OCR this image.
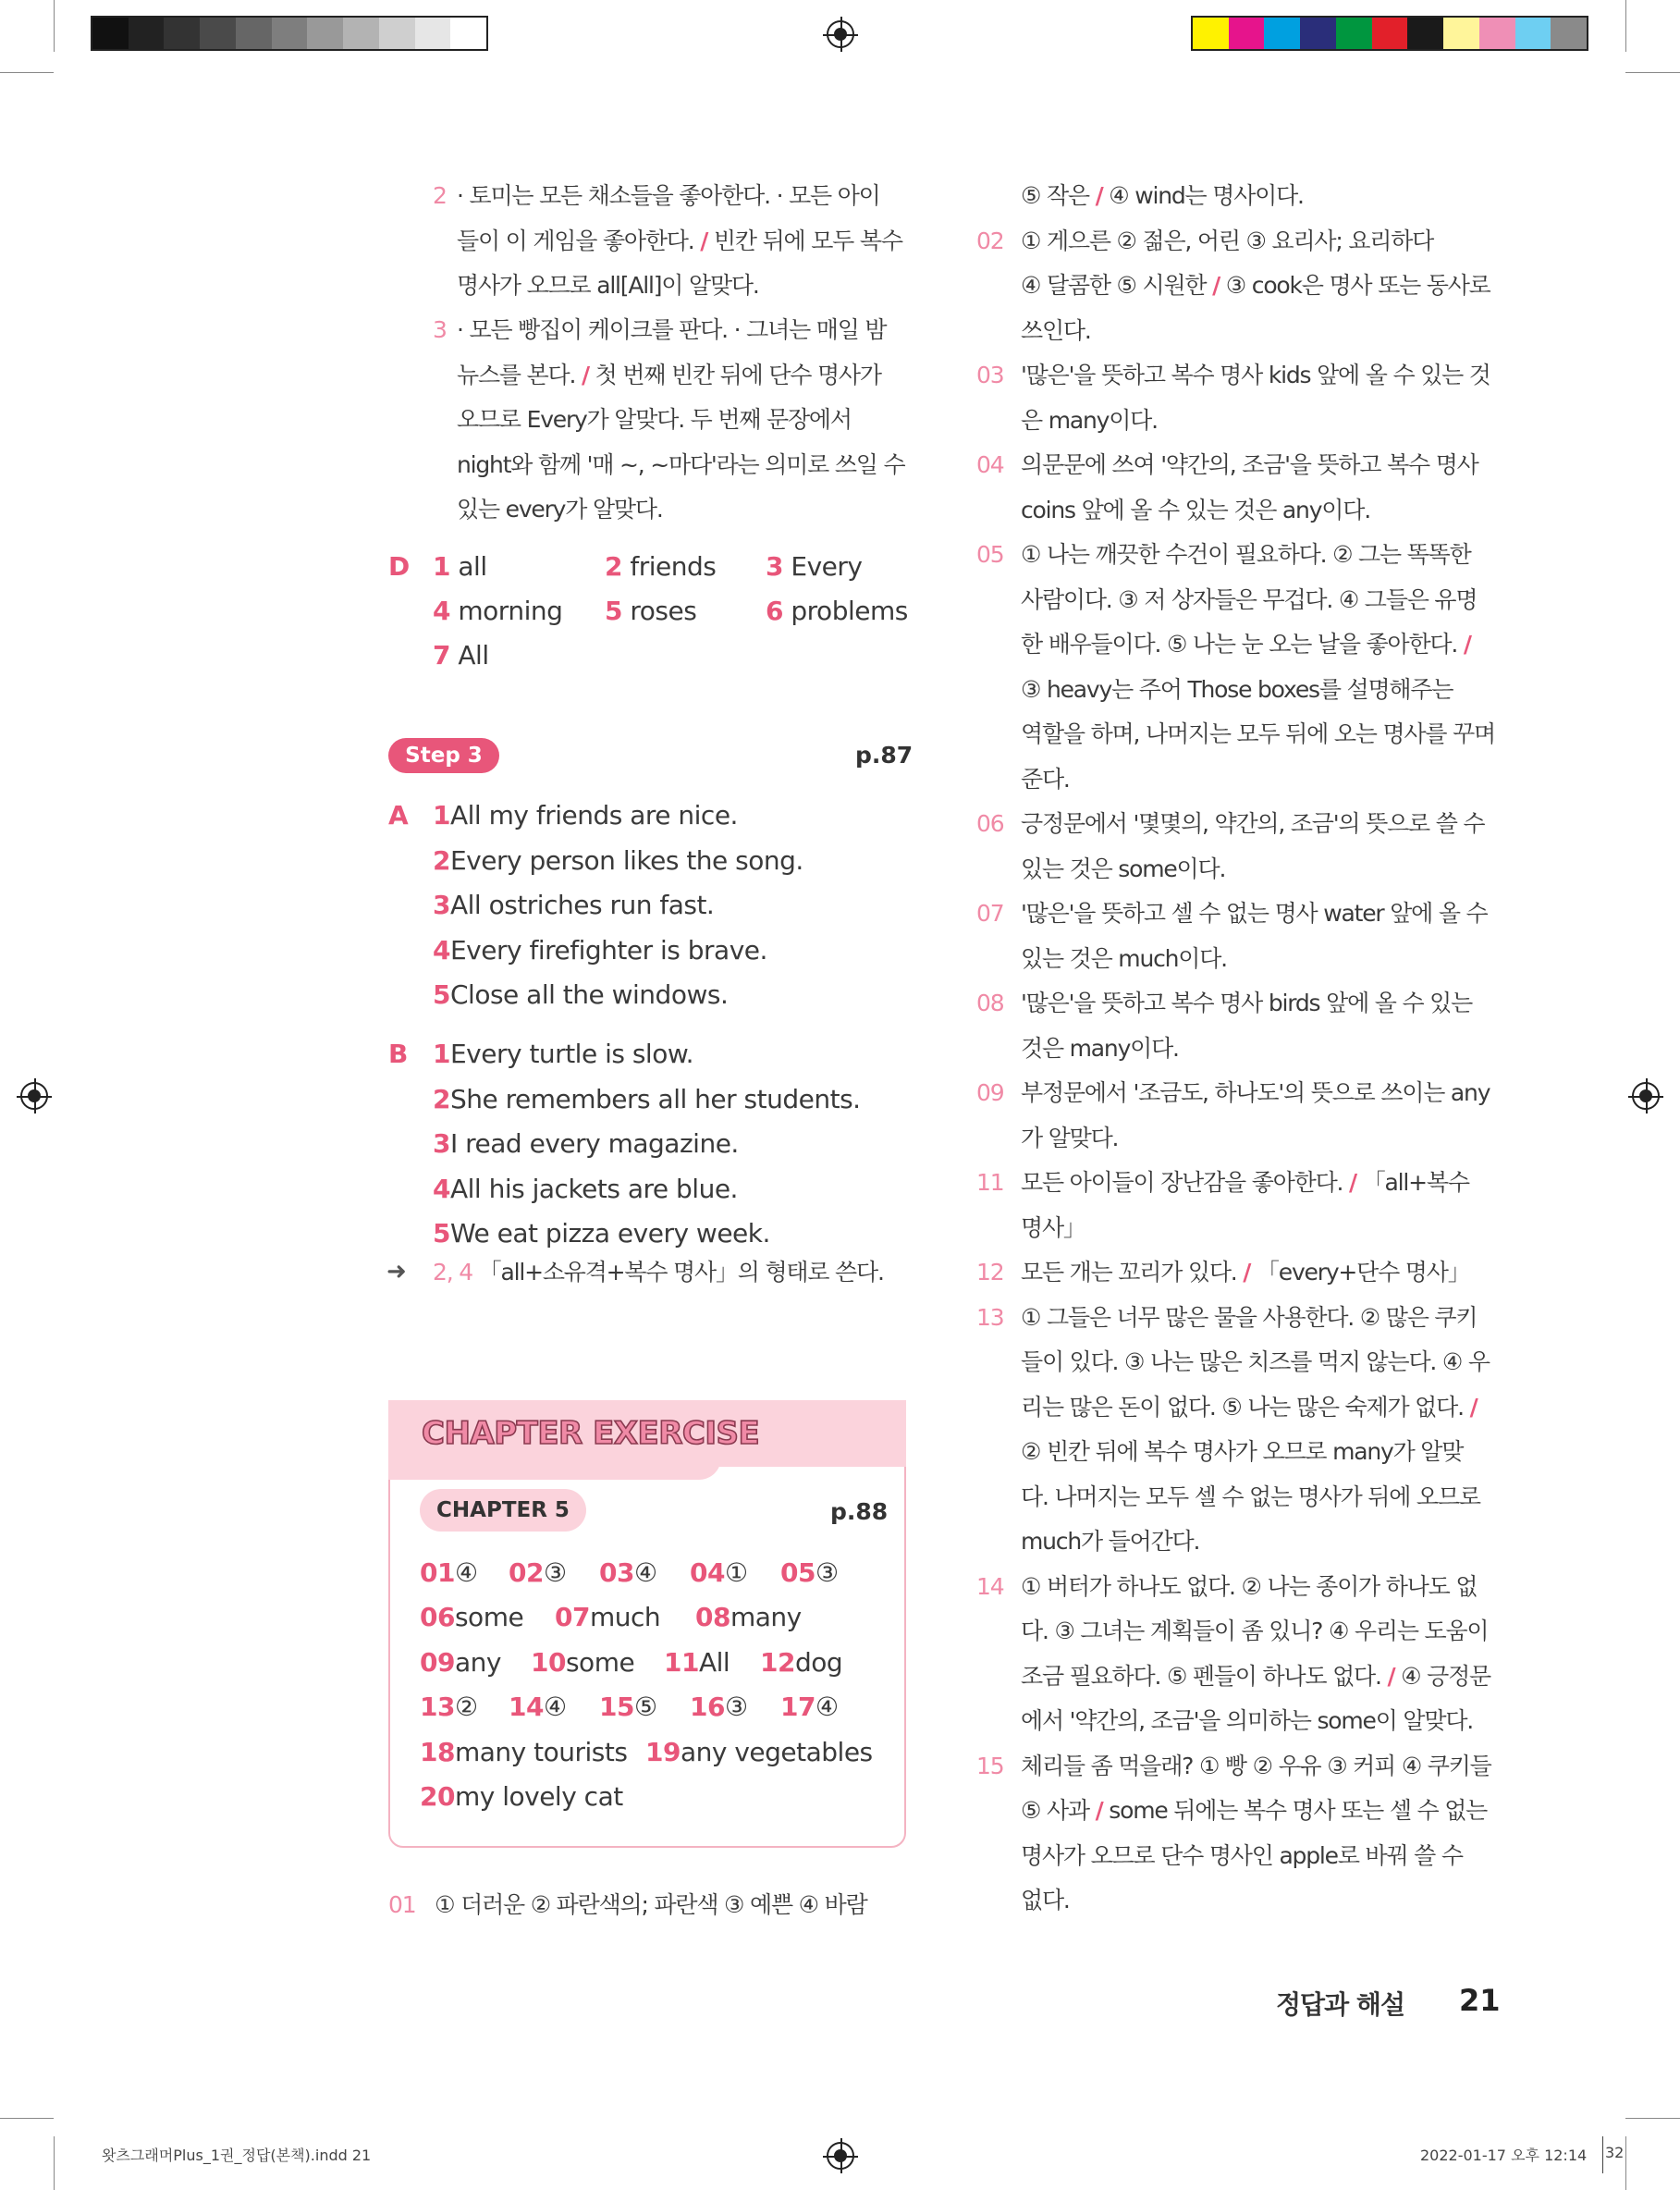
2 · 토미는 모든 채소들을 좋아한다. · 모든 아이
들이 이 게임을 좋아한다. / 빈칸 뒤에 모두 복수
명사가 오므로 all[All]이 알맞다.
3 · 모든 빵집이 케이크를 판다. · 그녀는 매일 밤
뉴스를 본다. / 첫 번째 빈칸 뒤에 단수 명사가
오므로 Every가 알맞다. 두 번째 문장에서
night와 함께 '매 ~, ~마다'라는 의미로 쓰일 수
있는 every가 알맞다.
D 1 all	2 friends 3 Every
4 morning 5 roses	6 problems
7 All
Step 3	p.87
A 1All my friends are nice.
2Every person likes the song.
3All ostriches run fast.
4Every firefighter is brave.
5Close all the windows.
B 1Every turtle is slow.
2She remembers all her students.
3I read every magazine.
4All his jackets are blue.
5We eat pizza every week.
➜ 2, 4 「all+소유격+복수 명사」의 형태로 쓴다.
CHAPTER EXERCISE
CHAPTER 5	p.88
01 ④ 02 ③ 03 ④ 04 ① 05 ③
06 some 07 much 08 many
09 any 10 some 11 All 12 dog
13 ② 14 ④ 15 ⑤ 16 ③ 17 ④
18 many tourists 19 any vegetables
20 my lovely cat
01 ① 더러운 ② 파란색의; 파란색 ③ 예쁜 ④ 바람
⑤ 작은 / ④ wind는 명사이다.
02 ① 게으른 ② 젊은, 어린 ③ 요리사; 요리하다
④ 달콤한 ⑤ 시원한 / ③ cook은 명사 또는 동사로
쓰인다.
03 '많은'을 뜻하고 복수 명사 kids 앞에 올 수 있는 것
은 many이다.
04 의문문에 쓰여 '약간의, 조금'을 뜻하고 복수 명사
coins 앞에 올 수 있는 것은 any이다.
05 ① 나는 깨끗한 수건이 필요하다. ② 그는 똑똑한
사람이다. ③ 저 상자들은 무겁다. ④ 그들은 유명
한 배우들이다. ⑤ 나는 눈 오는 날을 좋아한다. /
③ heavy는 주어 Those boxes를 설명해주는
역할을 하며, 나머지는 모두 뒤에 오는 명사를 꾸며
준다.
06 긍정문에서 '몇몇의, 약간의, 조금'의 뜻으로 쓸 수
있는 것은 some이다.
07 '많은'을 뜻하고 셀 수 없는 명사 water 앞에 올 수
있는 것은 much이다.
08 '많은'을 뜻하고 복수 명사 birds 앞에 올 수 있는
것은 many이다.
09 부정문에서 '조금도, 하나도'의 뜻으로 쓰이는 any
가 알맞다.
11 모든 아이들이 장난감을 좋아한다. / 「all+복수
명사」
12 모든 개는 꼬리가 있다. / 「every+단수 명사」
13 ① 그들은 너무 많은 물을 사용한다. ② 많은 쿠키
들이 있다. ③ 나는 많은 치즈를 먹지 않는다. ④ 우
리는 많은 돈이 없다. ⑤ 나는 많은 숙제가 없다. /
② 빈칸 뒤에 복수 명사가 오므로 many가 알맞
다. 나머지는 모두 셀 수 없는 명사가 뒤에 오므로
much가 들어간다.
14 ① 버터가 하나도 없다. ② 나는 종이가 하나도 없
다. ③ 그녀는 계획들이 좀 있니? ④ 우리는 도움이
조금 필요하다. ⑤ 펜들이 하나도 없다. / ④ 긍정문
에서 '약간의, 조금'을 의미하는 some이 알맞다.
15 체리들 좀 먹을래? ① 빵 ② 우유 ③ 커피 ④ 쿠키들
⑤ 사과 / some 뒤에는 복수 명사 또는 셀 수 없는
명사가 오므로 단수 명사인 apple로 바꿔 쓸 수
없다.
정답과 해설 21
왓츠그래머Plus_1권_정답(본책).indd 21	2022-01-17 오후 12:14 32
